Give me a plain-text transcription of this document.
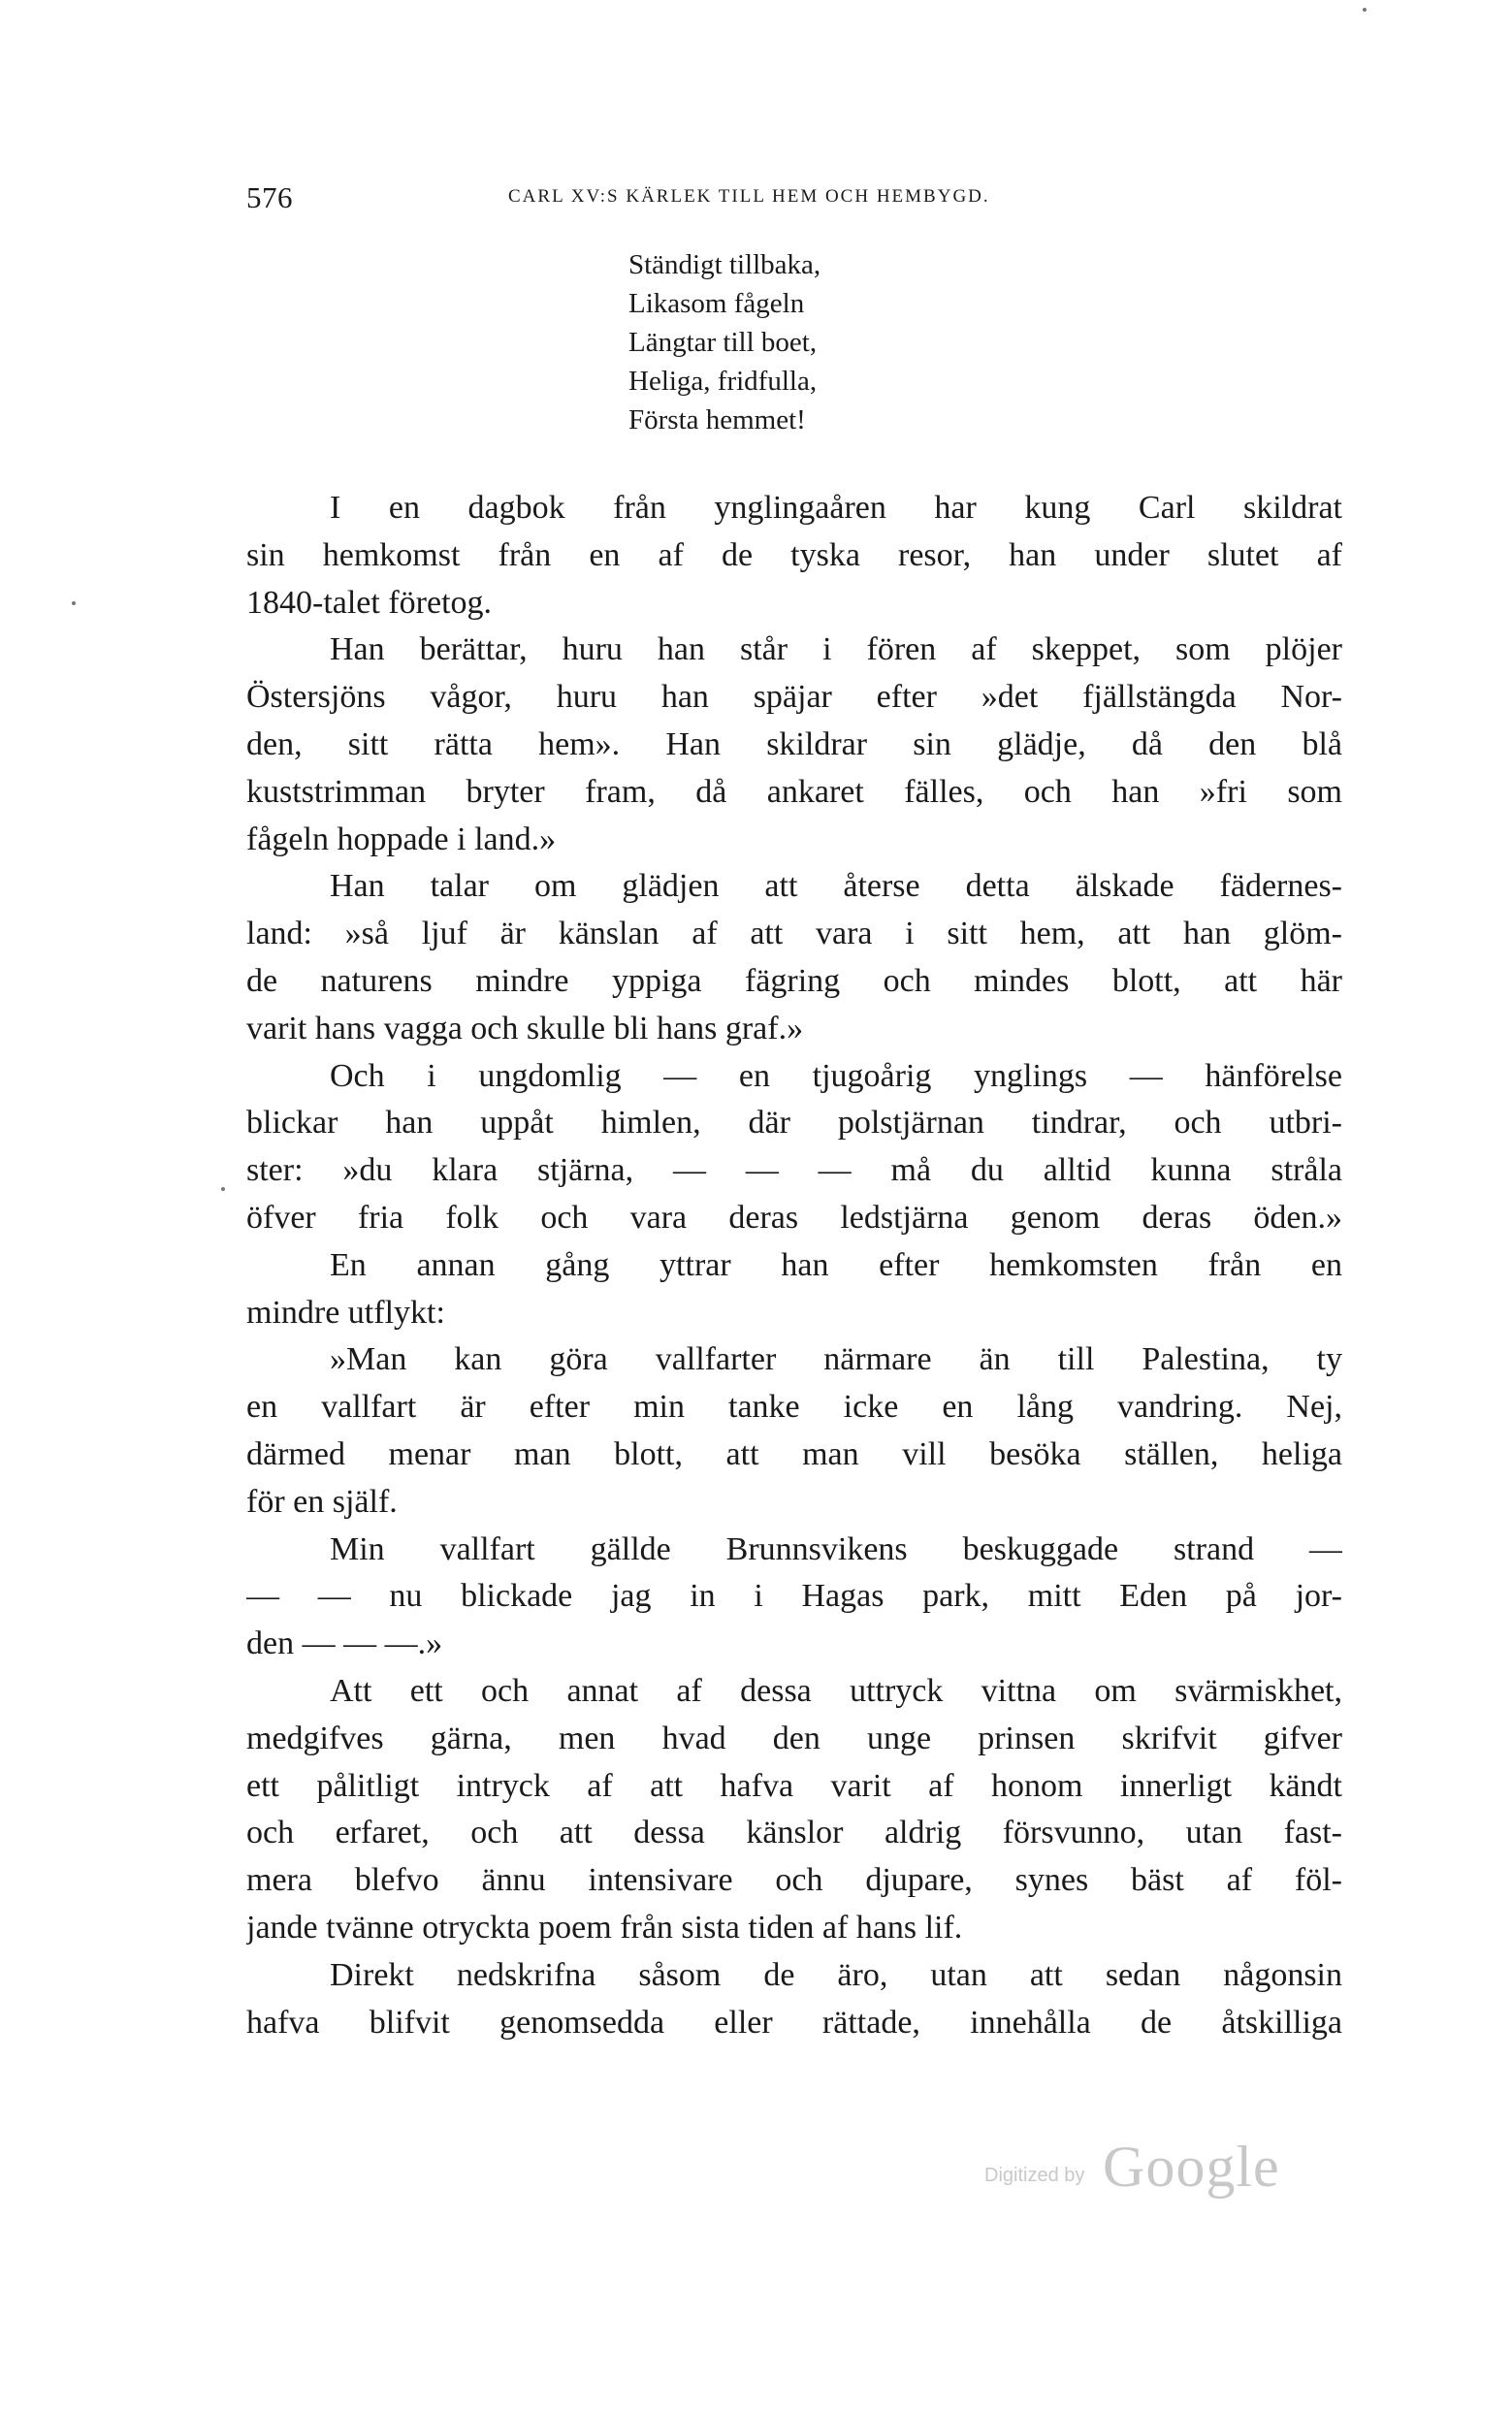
576	CARL XV:S KÄRLEK TILL HEM OCH HEMBYGD.
Ständigt tillbaka,
Likasom fågeln
Längtar till boet,
Heliga, fridfulla,
Första hemmet!
I en dagbok från ynglingaåren har kung Carl skildrat
sin hemkomst från en af de tyska resor, han under slutet af
1840-talet företog.
Han berättar, huru han står i fören af skeppet, som plöjer
Östersjöns vågor, huru han späjar efter »det fjällstängda Nor-
den, sitt rätta hem». Han skildrar sin glädje, då den blå
kuststrimman bryter fram, då ankaret fälles, och han »fri som
fågeln hoppade i land.»
Han talar om glädjen att återse detta älskade fädernes-
land: »så ljuf är känslan af att vara i sitt hem, att han glöm-
de naturens mindre yppiga fägring och mindes blott, att här
varit hans vagga och skulle bli hans graf.»
Och i ungdomlig — en tjugoårig ynglings — hänförelse
blickar han uppåt himlen, där polstjärnan tindrar, och utbri-
ster: »du klara stjärna, — — — må du alltid kunna stråla
öfver fria folk och vara deras ledstjärna genom deras öden.»
En annan gång yttrar han efter hemkomsten från en
mindre utflykt:
»Man kan göra vallfarter närmare än till Palestina, ty
en vallfart är efter min tanke icke en lång vandring. Nej,
därmed menar man blott, att man vill besöka ställen, heliga
för en själf.
Min vallfart gällde Brunnsvikens beskuggade strand —
— — nu blickade jag in i Hagas park, mitt Eden på jor-
den — — —.»
Att ett och annat af dessa uttryck vittna om svärmiskhet,
medgifves gärna, men hvad den unge prinsen skrifvit gifver
ett pålitligt intryck af att hafva varit af honom innerligt kändt
och erfaret, och att dessa känslor aldrig försvunno, utan fast-
mera blefvo ännu intensivare och djupare, synes bäst af föl-
jande tvänne otryckta poem från sista tiden af hans lif.
Direkt nedskrifna såsom de äro, utan att sedan någonsin
hafva blifvit genomsedda eller rättade, innehålla de åtskilliga
Digitized by Google
